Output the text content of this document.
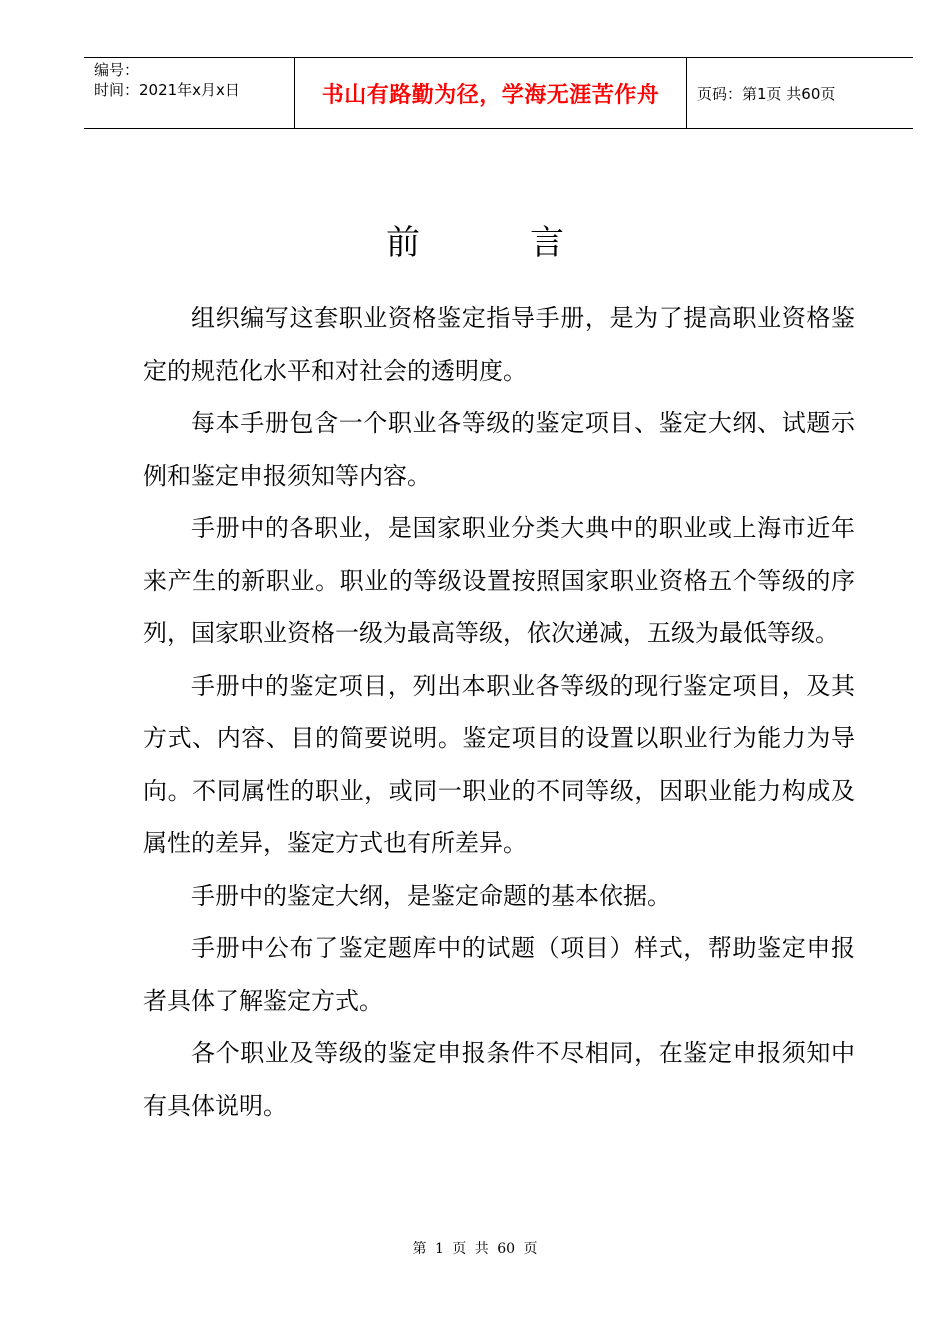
编号：
时间：2021年x月x日	书山有路勤为径，学海无涯苦作舟	页码：第1页 共60页
前言

组织编写这套职业资格鉴定指导手册，是为了提高职业资格鉴定的规范化水平和对社会的透明度。

每本手册包含一个职业各等级的鉴定项目、鉴定大纲、试题示例和鉴定申报须知等内容。

手册中的各职业，是国家职业分类大典中的职业或上海市近年来产生的新职业。职业的等级设置按照国家职业资格五个等级的序列，国家职业资格一级为最高等级，依次递减，五级为最低等级。

手册中的鉴定项目，列出本职业各等级的现行鉴定项目，及其方式、内容、目的简要说明。鉴定项目的设置以职业行为能力为导向。不同属性的职业，或同一职业的不同等级，因职业能力构成及属性的差异，鉴定方式也有所差异。

手册中的鉴定大纲，是鉴定命题的基本依据。

手册中公布了鉴定题库中的试题（项目）样式，帮助鉴定申报者具体了解鉴定方式。

各个职业及等级的鉴定申报条件不尽相同，在鉴定申报须知中有具体说明。

第 1 页 共 60 页
